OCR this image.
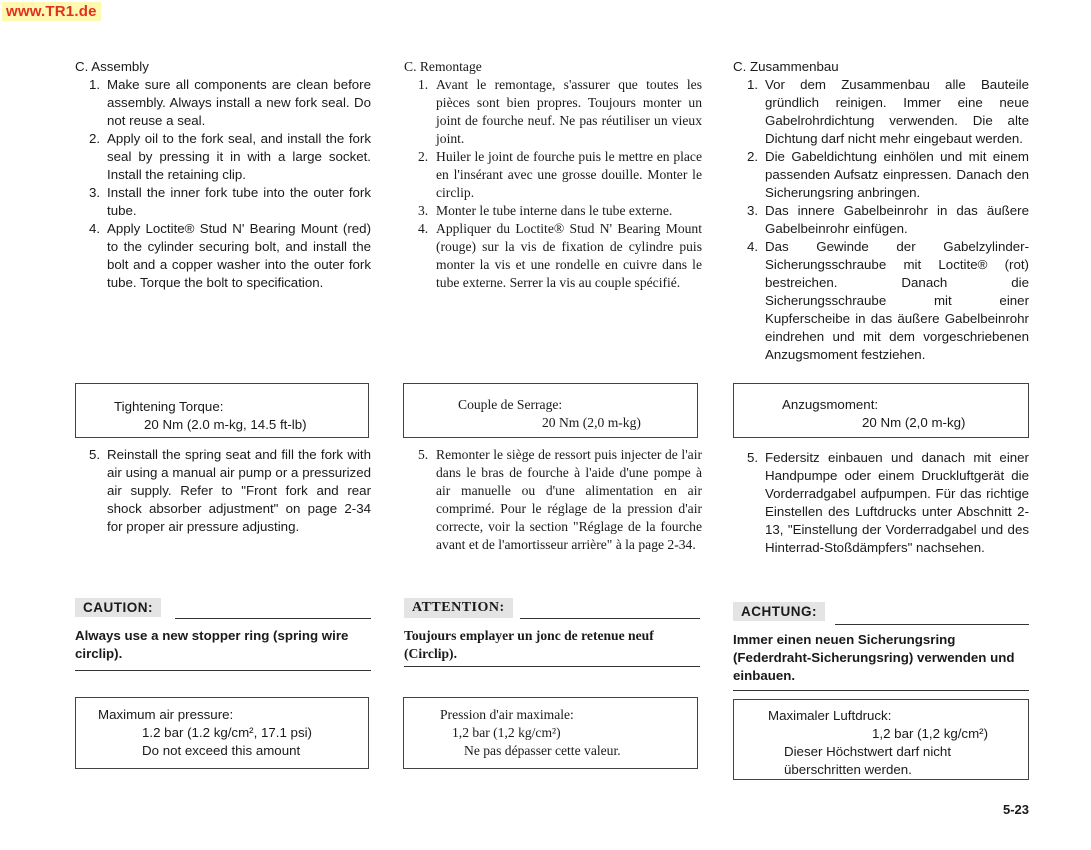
www.TR1.de
C. Assembly
1. Make sure all components are clean before assembly. Always install a new fork seal. Do not reuse a seal.
2. Apply oil to the fork seal, and install the fork seal by pressing it in with a large socket. Install the retaining clip.
3. Install the inner fork tube into the outer fork tube.
4. Apply Loctite® Stud N' Bearing Mount (red) to the cylinder securing bolt, and install the bolt and a copper washer into the outer fork tube. Torque the bolt to specification.
Tightening Torque:
20 Nm (2.0 m-kg, 14.5 ft-lb)
5. Reinstall the spring seat and fill the fork with air using a manual air pump or a pressurized air supply. Refer to "Front fork and rear shock absorber adjustment" on page 2-34 for proper air pressure adjusting.
CAUTION:
Always use a new stopper ring (spring wire circlip).
Maximum air pressure:
1.2 bar (1.2 kg/cm², 17.1 psi)
Do not exceed this amount
C. Remontage
1. Avant le remontage, s'assurer que toutes les pièces sont bien propres. Toujours monter un joint de fourche neuf. Ne pas réutiliser un vieux joint.
2. Huiler le joint de fourche puis le mettre en place en l'insérant avec une grosse douille. Monter le circlip.
3. Monter le tube interne dans le tube externe.
4. Appliquer du Loctite® Stud N' Bearing Mount (rouge) sur la vis de fixation de cylindre puis monter la vis et une rondelle en cuivre dans le tube externe. Serrer la vis au couple spécifié.
Couple de Serrage:
20 Nm (2,0 m-kg)
5. Remonter le siège de ressort puis injecter de l'air dans le bras de fourche à l'aide d'une pompe à air manuelle ou d'une alimentation en air comprimé. Pour le réglage de la pression d'air correcte, voir la section "Réglage de la fourche avant et de l'amortisseur arrière" à la page 2-34.
ATTENTION:
Toujours emplayer un jonc de retenue neuf (Circlip).
Pression d'air maximale:
1,2 bar (1,2 kg/cm²)
Ne pas dépasser cette valeur.
C. Zusammenbau
1. Vor dem Zusammenbau alle Bauteile gründlich reinigen. Immer eine neue Gabelrohrdichtung verwenden. Die alte Dichtung darf nicht mehr eingebaut werden.
2. Die Gabeldichtung einhölen und mit einem passenden Aufsatz einpressen. Danach den Sicherungsring anbringen.
3. Das innere Gabelbeinrohr in das äußere Gabelbeinrohr einfügen.
4. Das Gewinde der Gabelzylinder-Sicherungsschraube mit Loctite® (rot) bestreichen. Danach die Sicherungsschraube mit einer Kupferscheibe in das äußere Gabelbeinrohr eindrehen und mit dem vorgeschriebenen Anzugsmoment festziehen.
Anzugsmoment:
20 Nm (2,0 m-kg)
5. Federsitz einbauen und danach mit einer Handpumpe oder einem Druckluftgerät die Vorderradgabel aufpumpen. Für das richtige Einstellen des Luftdrucks unter Abschnitt 2-13, "Einstellung der Vorderradgabel und des Hinterrad-Stoßdämpfers" nachsehen.
ACHTUNG:
Immer einen neuen Sicherungsring (Federdraht-Sicherungsring) verwenden und einbauen.
Maximaler Luftdruck:
1,2 bar (1,2 kg/cm²)
Dieser Höchstwert darf nicht überschritten werden.
5-23
